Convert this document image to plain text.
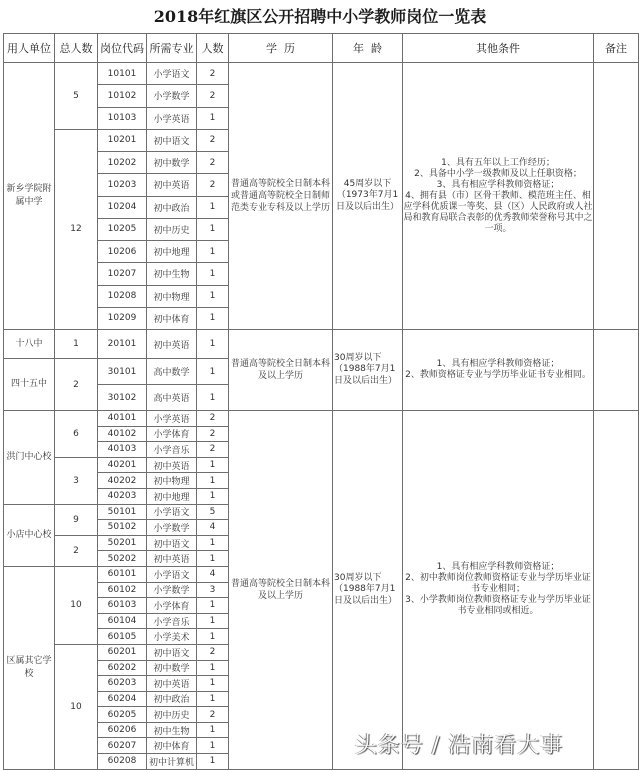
2018年红旗区公开招聘中小学教师岗位一览表
用人单位	总人数	岗位代码	所需专业	人数	学  历	年  龄	其他条件	备注
新乡学院附属中学	5	10101	小学语文	2	普通高等院校全日制本科或普通高等院校全日制师范类专业专科及以上学历	45周岁以下（1973年7月1日及以后出生）	1、具有五年以上工作经历；
2、具备中小学一级教师及以上任职资格；
3、具有相应学科教师资格证；
4、拥有县（市）区骨干教师、模范班主任、相应学科优质课一等奖、县（区）人民政府或人社局和教育局联合表彰的优秀教师荣誉称号其中之一项。	

		10102	小学数学	2				
		10103	小学英语	1				
	12	10201	初中语文	2				
		10202	初中数学	2				
		10203	初中英语	2				
		10204	初中政治	1				
		10205	初中历史	1				
		10206	初中地理	1				
		10207	初中生物	1				
		10208	初中物理	1				
		10209	初中体育	1				
十八中	1	20101	初中英语	1	普通高等院校全日制本科及以上学历	30周岁以下（1988年7月1日及以后出生）	1、具有相应学科教师资格证；
2、教师资格证专业与学历毕业证书专业相同。	

四十五中	2	30101	高中数学	1				
		30102	高中英语	1				
洪门中心校	6	40101	小学英语	2	普通高等院校全日制本科及以上学历	30周岁以下（1988年7月1日及以后出生）	1、具有相应学科教师资格证；
2、初中教师岗位教师资格证专业与学历毕业证书专业相同；
3、小学教师岗位教师资格证专业与学历毕业证书专业相同或相近。	

		40102	小学体育	2				
		40103	小学音乐	2				
	3	40201	初中英语	1				
		40202	初中物理	1				
		40203	初中地理	1				
小店中心校	9	50101	小学语文	5				
		50102	小学数学	4				
	2	50201	初中语文	1				
		50202	初中英语	1				
区属其它学 校	10	60101	小学语文	4				
		60102	小学数学	3				
		60103	小学体育	1				
		60104	小学音乐	1				
		60105	小学美术	1				
	10	60201	初中语文	2				
		60202	初中数学	1				
		60203	初中英语	1				
		60204	初中政治	1				
		60205	初中历史	2				
		60206	初中生物	1				
		60207	初中体育	1				
		60208	初中计算机	1				
头条号 / 浩南看大事
